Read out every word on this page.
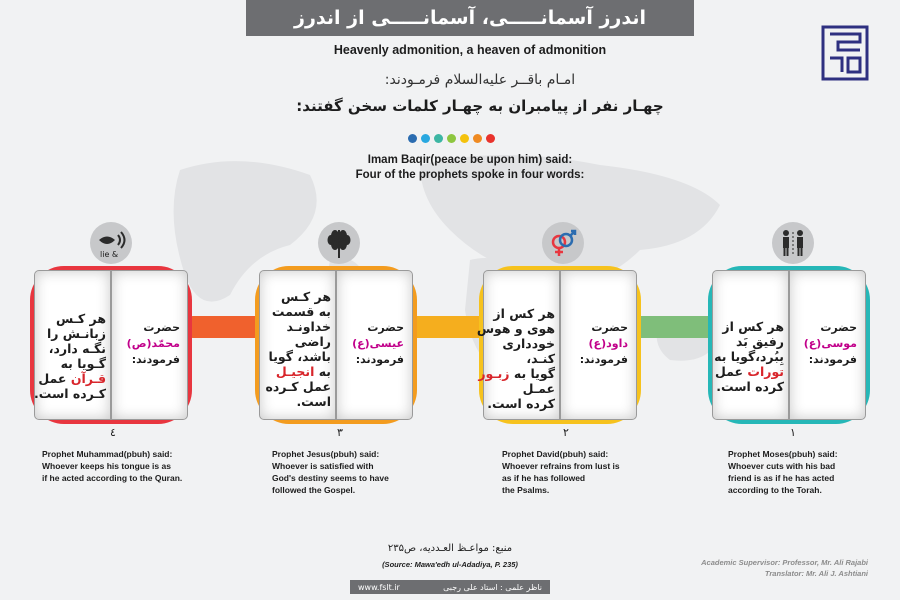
اندرز آسمانـــــی، آسمانـــــی از اندرز
Heavenly admonition, a heaven of admonition
امـام باقــر علیه‌السلام فرمـودند:
چهـار نفر از پیامبران به چهـار کلمات سخن گفتند:
Imam Baqir(peace be upon him) said:
Four of the prophets spoke in four words:
lie &
هر کـس
زبانـش را
نگـه دارد،
گـویا به
قـرآن عمل
کـرده است.
حضرت
محمّد(ص)
فرمودند:
٤
Prophet Muhammad(pbuh) said:
Whoever keeps his tongue is as
if he acted according to the Quran.
هر کـس
به قسمت
خداونـد
راضی
باشد، گویا
به انجیـل
عمل کـرده
است.
حضرت
عیسی(ع)
فرمودند:
۳
Prophet Jesus(pbuh) said:
Whoever is satisfied with
God's destiny seems to have
followed the Gospel.
هر کس از
هوی و هوس
خودداری
کنـد،
گویا به زبـور
عمـل
کرده است.
حضرت
داود(ع)
فرمودند:
۲
Prophet David(pbuh) said:
Whoever refrains from lust is
as if he has followed
the Psalms.
هر کس از
رفیق بَد
بِبُرد،گویا به
تورات عمل
کرده است.
حضرت
موسی(ع)
فرمودند:
۱
Prophet Moses(pbuh) said:
Whoever cuts with his bad
friend is as if he has acted
according to the Torah.
منبع: مواعـظ العـددیه، ص۲۳۵
(Source: Mawa'edh ul-Adadiya, P. 235)
www.fslt.ir	ناظر علمی : استاد علی رجبی
Academic Supervisor: Professor, Mr. Ali Rajabi
Translator: Mr. Ali J. Ashtiani
